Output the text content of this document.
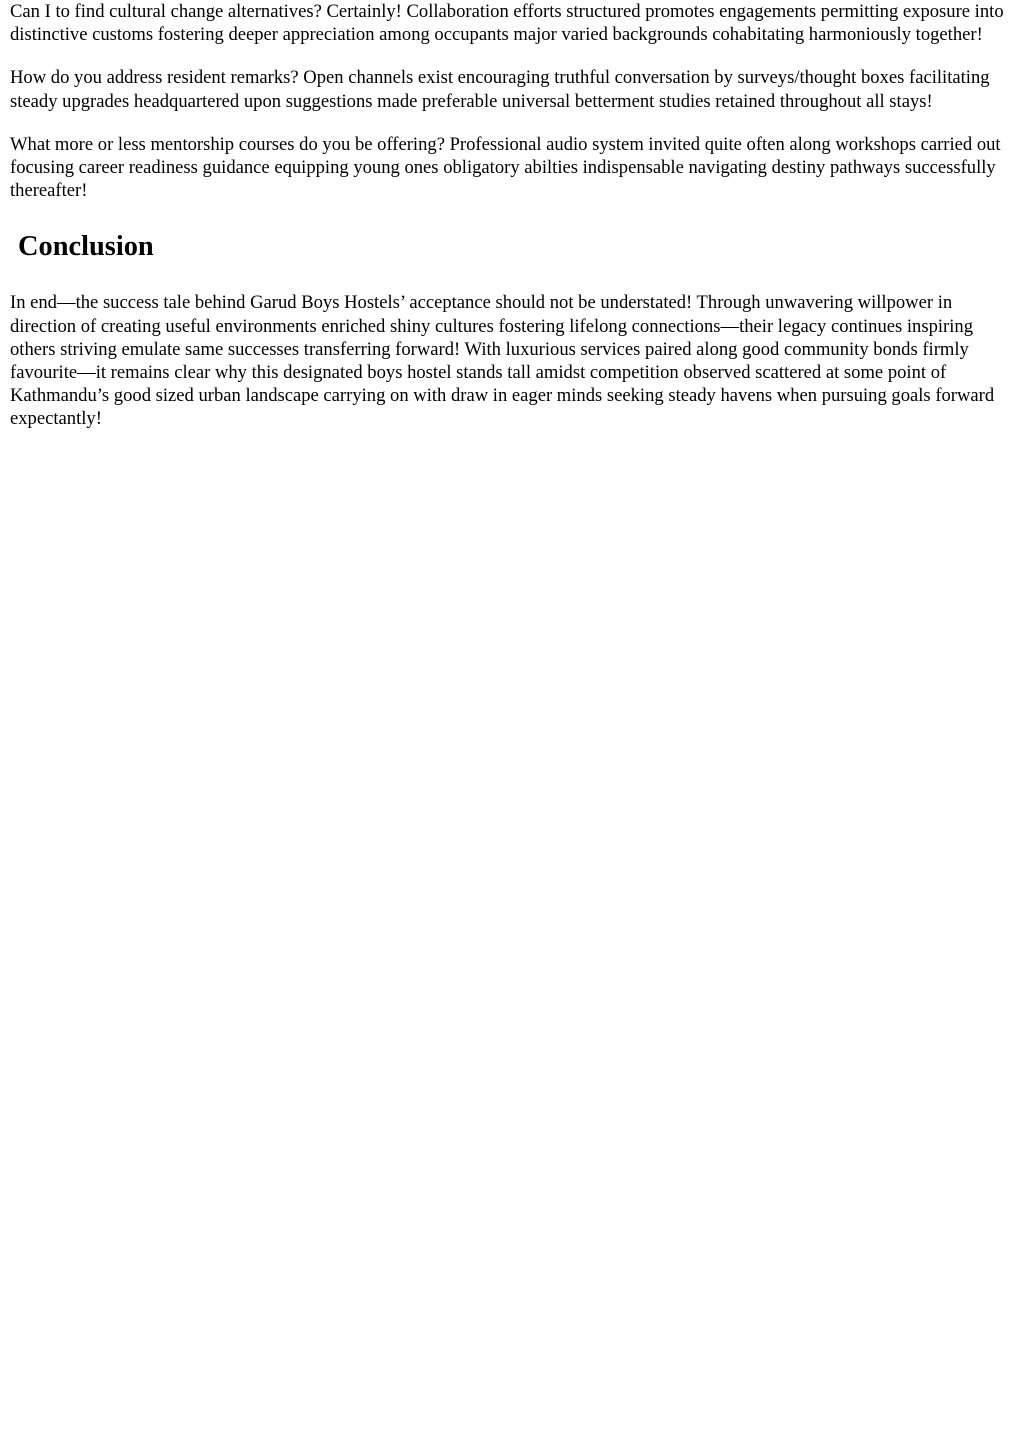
Can I to find cultural change alternatives? Certainly! Collaboration efforts structured promotes engagements permitting exposure into distinctive customs fostering deeper appreciation among occupants major varied backgrounds cohabitating harmoniously together!

How do you address resident remarks? Open channels exist encouraging truthful conversation by surveys/thought boxes facilitating steady upgrades headquartered upon suggestions made preferable universal betterment studies retained throughout all stays!

What more or less mentorship courses do you be offering? Professional audio system invited quite often along workshops carried out focusing career readiness guidance equipping young ones obligatory abilties indispensable navigating destiny pathways successfully thereafter!

Conclusion

In end—the success tale behind Garud Boys Hostels’ acceptance should not be understated! Through unwavering willpower in direction of creating useful environments enriched shiny cultures fostering lifelong connections—their legacy continues inspiring others striving emulate same successes transferring forward! With luxurious services paired along good community bonds firmly favourite—it remains clear why this designated boys hostel stands tall amidst competition observed scattered at some point of Kathmandu’s good sized urban landscape carrying on with draw in eager minds seeking steady havens when pursuing goals forward expectantly!
